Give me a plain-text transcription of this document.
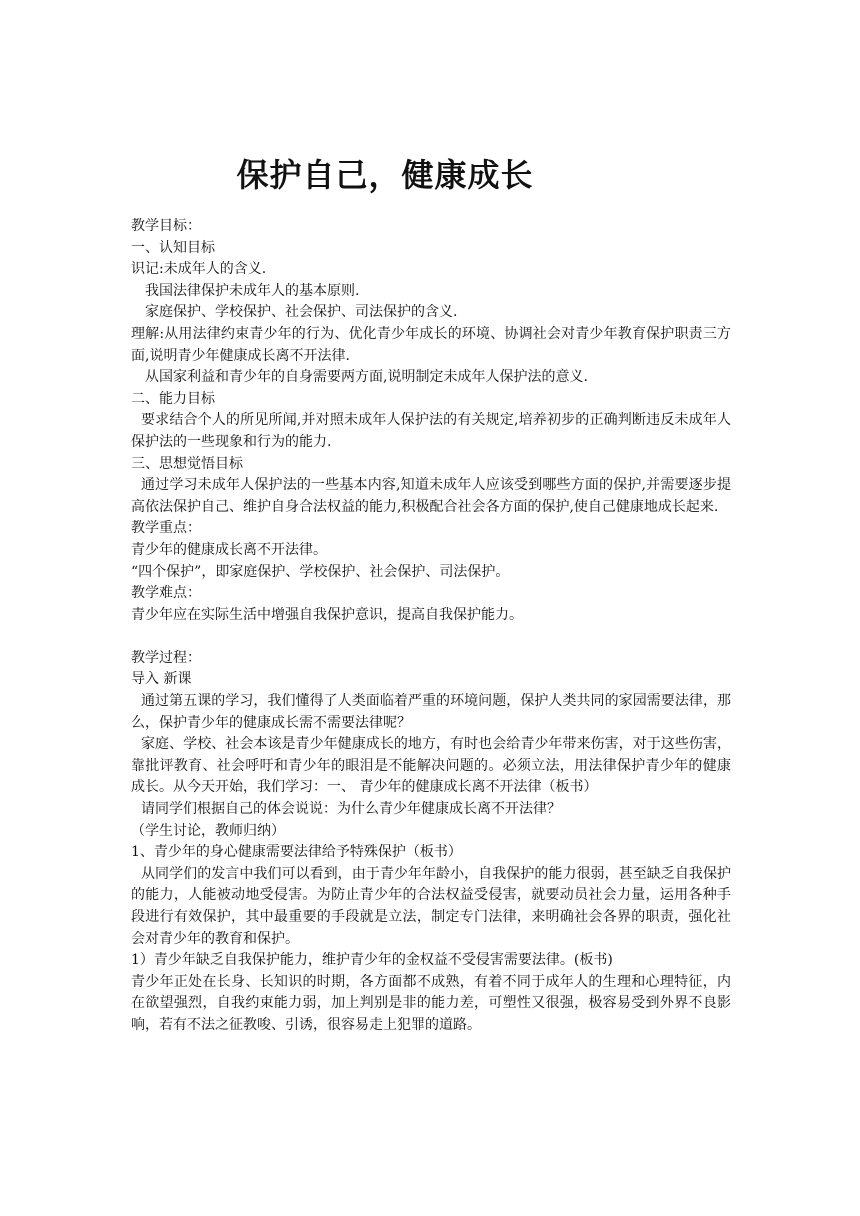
保护自己，健康成长

教学目标：

一、认知目标

识记:未成年人的含义.

我国法律保护未成年人的基本原则.

家庭保护、学校保护、社会保护、司法保护的含义.

理解:从用法律约束青少年的行为、优化青少年成长的环境、协调社会对青少年教育保护职责三方面,说明青少年健康成长离不开法律.

从国家利益和青少年的自身需要两方面,说明制定未成年人保护法的意义.

二、能力目标

要求结合个人的所见所闻,并对照未成年人保护法的有关规定,培养初步的正确判断违反未成年人保护法的一些现象和行为的能力.

三、思想觉悟目标

通过学习未成年人保护法的一些基本内容,知道未成年人应该受到哪些方面的保护,并需要逐步提高依法保护自己、维护自身合法权益的能力,积极配合社会各方面的保护,使自己健康地成长起来.

教学重点：

青少年的健康成长离不开法律。

“四个保护”，即家庭保护、学校保护、社会保护、司法保护。

教学难点：

青少年应在实际生活中增强自我保护意识，提高自我保护能力。

教学过程：

导入 新课

通过第五课的学习，我们懂得了人类面临着严重的环境问题，保护人类共同的家园需要法律，那么，保护青少年的健康成长需不需要法律呢？

家庭、学校、社会本该是青少年健康成长的地方，有时也会给青少年带来伤害，对于这些伤害，靠批评教育、社会呼吁和青少年的眼泪是不能解决问题的。必须立法，用法律保护青少年的健康成长。从今天开始，我们学习：一、 青少年的健康成长离不开法律（板书）

请同学们根据自己的体会说说：为什么青少年健康成长离不开法律？

（学生讨论，教师归纳）

1、青少年的身心健康需要法律给予特殊保护（板书）

从同学们的发言中我们可以看到，由于青少年年龄小，自我保护的能力很弱，甚至缺乏自我保护的能力，人能被动地受侵害。为防止青少年的合法权益受侵害，就要动员社会力量，运用各种手段进行有效保护，其中最重要的手段就是立法，制定专门法律，来明确社会各界的职责，强化社会对青少年的教育和保护。

1）青少年缺乏自我保护能力，维护青少年的金权益不受侵害需要法律。(板书)

青少年正处在长身、长知识的时期，各方面都不成熟，有着不同于成年人的生理和心理特征，内在欲望强烈，自我约束能力弱，加上判别是非的能力差，可塑性又很强，极容易受到外界不良影响，若有不法之征教唆、引诱，很容易走上犯罪的道路。
